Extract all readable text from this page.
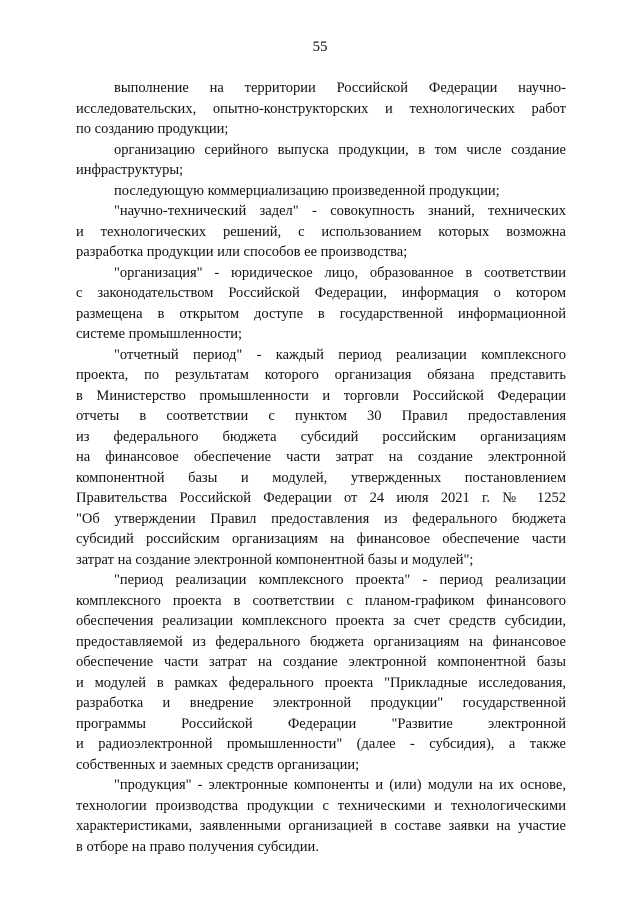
55

выполнение на территории Российской Федерации научно-
исследовательских, опытно-конструкторских и технологических работ
по созданию продукции;

организацию серийного выпуска продукции, в том числе создание
инфраструктуры;

последующую коммерциализацию произведенной продукции;

"научно-технический задел" - совокупность знаний, технических
и технологических решений, с использованием которых возможна
разработка продукции или способов ее производства;

"организация" - юридическое лицо, образованное в соответствии
с законодательством Российской Федерации, информация о котором
размещена в открытом доступе в государственной информационной
системе промышленности;

"отчетный период" - каждый период реализации комплексного
проекта, по результатам которого организация обязана представить
в Министерство промышленности и торговли Российской Федерации
отчеты в соответствии с пунктом 30 Правил предоставления
из федерального бюджета субсидий российским организациям
на финансовое обеспечение части затрат на создание электронной
компонентной базы и модулей, утвержденных постановлением
Правительства Российской Федерации от 24 июля 2021 г. № 1252
"Об утверждении Правил предоставления из федерального бюджета
субсидий российским организациям на финансовое обеспечение части
затрат на создание электронной компонентной базы и модулей";

"период реализации комплексного проекта" - период реализации
комплексного проекта в соответствии с планом-графиком финансового
обеспечения реализации комплексного проекта за счет средств субсидии,
предоставляемой из федерального бюджета организациям на финансовое
обеспечение части затрат на создание электронной компонентной базы
и модулей в рамках федерального проекта "Прикладные исследования,
разработка и внедрение электронной продукции" государственной
программы Российской Федерации "Развитие электронной
и радиоэлектронной промышленности" (далее - субсидия), а также
собственных и заемных средств организации;

"продукция" - электронные компоненты и (или) модули на их основе,
технологии производства продукции с техническими и технологическими
характеристиками, заявленными организацией в составе заявки на участие
в отборе на право получения субсидии.
